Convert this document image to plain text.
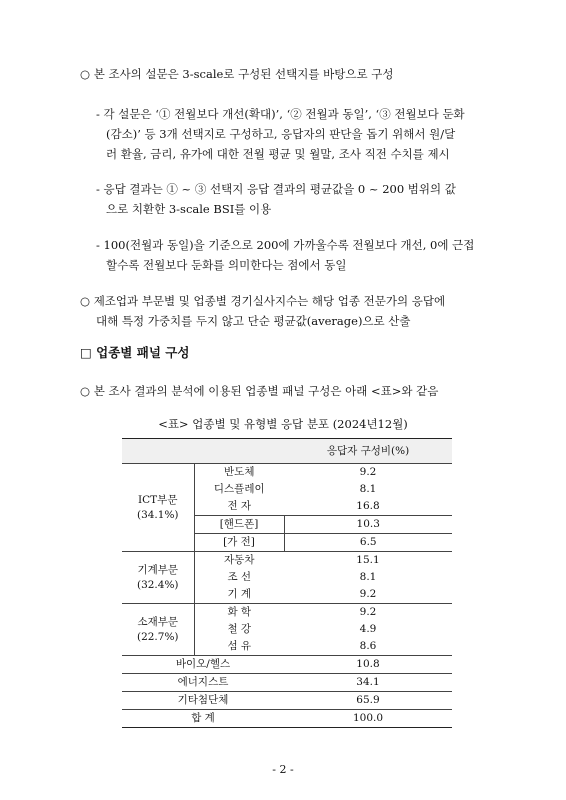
○ 본 조사의 설문은 3-scale로 구성된 선택지를 바탕으로 구성
- 각 설문은 ‘① 전월보다 개선(확대)’, ‘② 전월과 동일’, ‘③ 전월보다 둔화
(감소)’ 등 3개 선택지로 구성하고, 응답자의 판단을 돕기 위해서 원/달
러 환율, 금리, 유가에 대한 전월 평균 및 월말, 조사 직전 수치를 제시
- 응답 결과는 ① ~ ③ 선택지 응답 결과의 평균값을 0 ~ 200 범위의 값
으로 치환한 3-scale BSI를 이용
- 100(전월과 동일)을 기준으로 200에 가까울수록 전월보다 개선, 0에 근접
할수록 전월보다 둔화를 의미한다는 점에서 동일
○ 제조업과 부문별 및 업종별 경기실사지수는 해당 업종 전문가의 응답에
대해 특정 가중치를 두지 않고 단순 평균값(average)으로 산출
□ 업종별 패널 구성
○ 본 조사 결과의 분석에 이용된 업종별 패널 구성은 아래 <표>와 같음
<표> 업종별 및 유형별 응답 분포 (2024년12월)
		응답자 구성비(%)
ICT부문
(34.1%)	반도체	9.2
	디스플레이	8.1
	전 자	16.8
	[핸드폰]	10.3
	[가 전]	6.5
기계부문
(32.4%)	자동차	15.1
	조 선	8.1
	기 계	9.2
소재부문
(22.7%)	화 학	9.2
	철 강	4.9
	섬 유	8.6
바이오/헬스		10.8
에너지스트		34.1
기타첨단체		65.9
합 계		100.0
- 2 -
